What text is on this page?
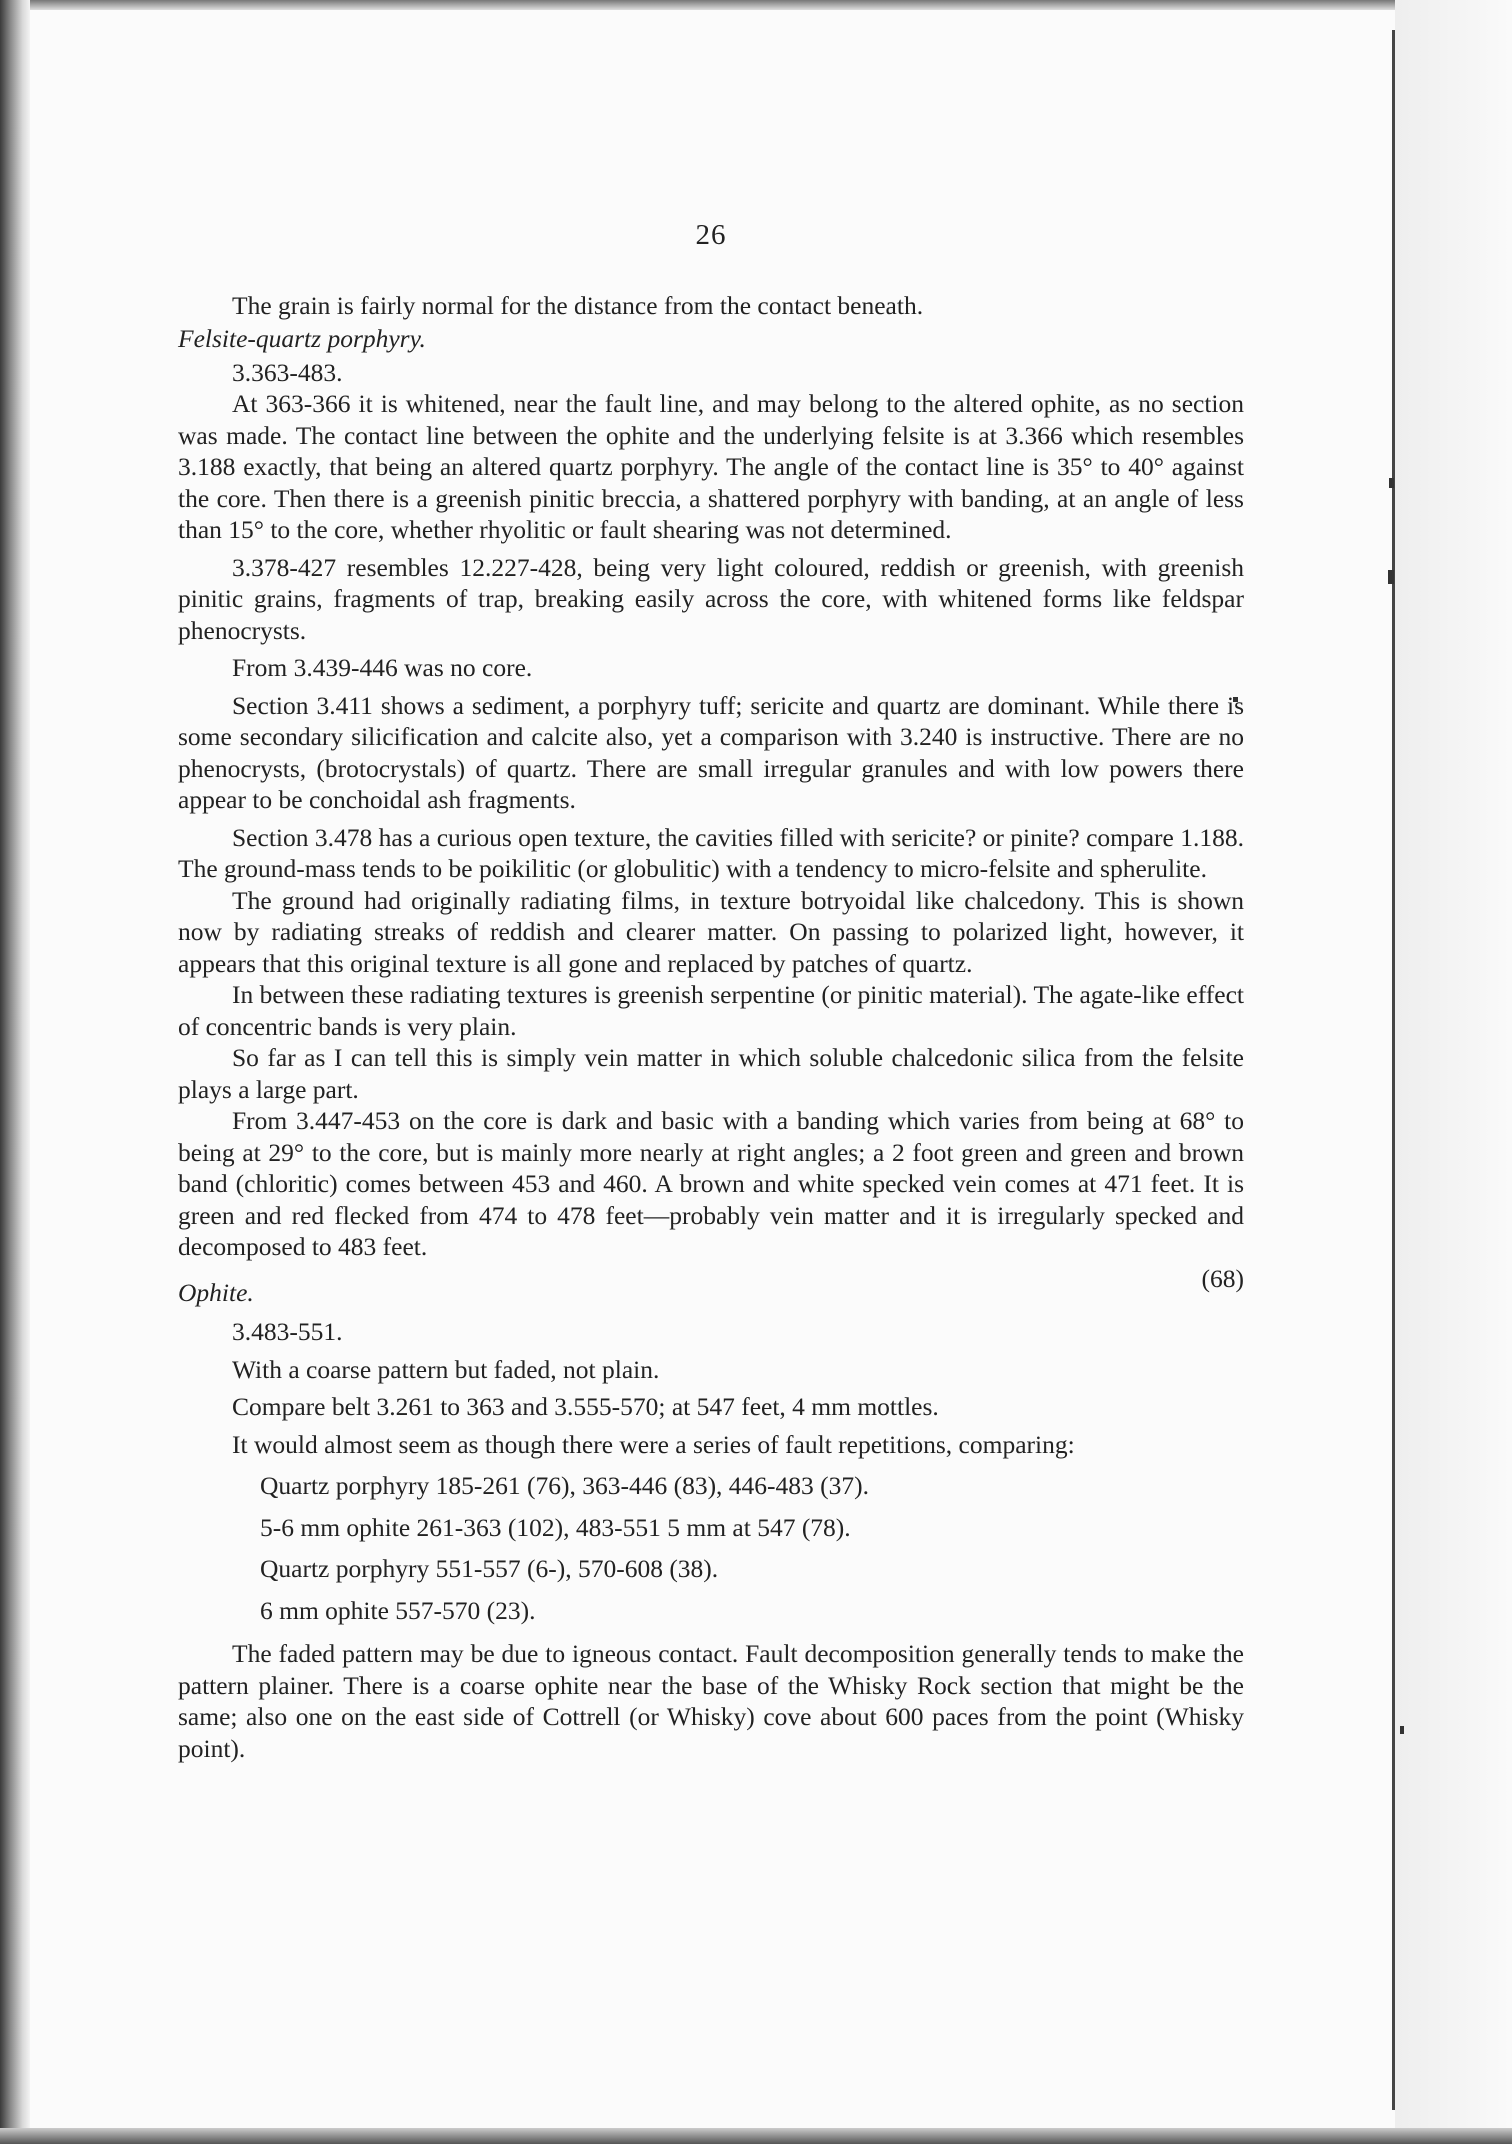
26

The grain is fairly normal for the distance from the contact beneath.

Felsite-quartz porphyry.

3.363-483.

At 363-366 it is whitened, near the fault line, and may belong to the altered ophite, as no section was made. The contact line between the ophite and the underlying felsite is at 3.366 which resembles 3.188 exactly, that being an altered quartz porphyry. The angle of the contact line is 35° to 40° against the core. Then there is a greenish pinitic breccia, a shattered porphyry with banding, at an angle of less than 15° to the core, whether rhyolitic or fault shearing was not determined.

3.378-427 resembles 12.227-428, being very light coloured, reddish or greenish, with greenish pinitic grains, fragments of trap, breaking easily across the core, with whitened forms like feldspar phenocrysts.

From 3.439-446 was no core.

Section 3.411 shows a sediment, a porphyry tuff; sericite and quartz are dominant. While there is some secondary silicification and calcite also, yet a comparison with 3.240 is instructive. There are no phenocrysts, (brotocrystals) of quartz. There are small irregular granules and with low powers there appear to be conchoidal ash fragments.

Section 3.478 has a curious open texture, the cavities filled with sericite? or pinite? compare 1.188. The ground-mass tends to be poikilitic (or globulitic) with a tendency to micro-felsite and spherulite.

The ground had originally radiating films, in texture botryoidal like chalcedony. This is shown now by radiating streaks of reddish and clearer matter. On passing to polarized light, however, it appears that this original texture is all gone and replaced by patches of quartz.

In between these radiating textures is greenish serpentine (or pinitic material). The agate-like effect of concentric bands is very plain.

So far as I can tell this is simply vein matter in which soluble chalcedonic silica from the felsite plays a large part.

From 3.447-453 on the core is dark and basic with a banding which varies from being at 68° to being at 29° to the core, but is mainly more nearly at right angles; a 2 foot green and green and brown band (chloritic) comes between 453 and 460. A brown and white specked vein comes at 471 feet. It is green and red flecked from 474 to 478 feet—probably vein matter and it is irregularly specked and decomposed to 483 feet.

Ophite.	(68)

3.483-551.

With a coarse pattern but faded, not plain.

Compare belt 3.261 to 363 and 3.555-570; at 547 feet, 4 mm mottles.

It would almost seem as though there were a series of fault repetitions, comparing:

Quartz porphyry 185-261 (76), 363-446 (83), 446-483 (37).
5-6 mm ophite 261-363 (102), 483-551 5 mm at 547 (78).
Quartz porphyry 551-557 (6-), 570-608 (38).
6 mm ophite 557-570 (23).

The faded pattern may be due to igneous contact. Fault decomposition generally tends to make the pattern plainer. There is a coarse ophite near the base of the Whisky Rock section that might be the same; also one on the east side of Cottrell (or Whisky) cove about 600 paces from the point (Whisky point).
